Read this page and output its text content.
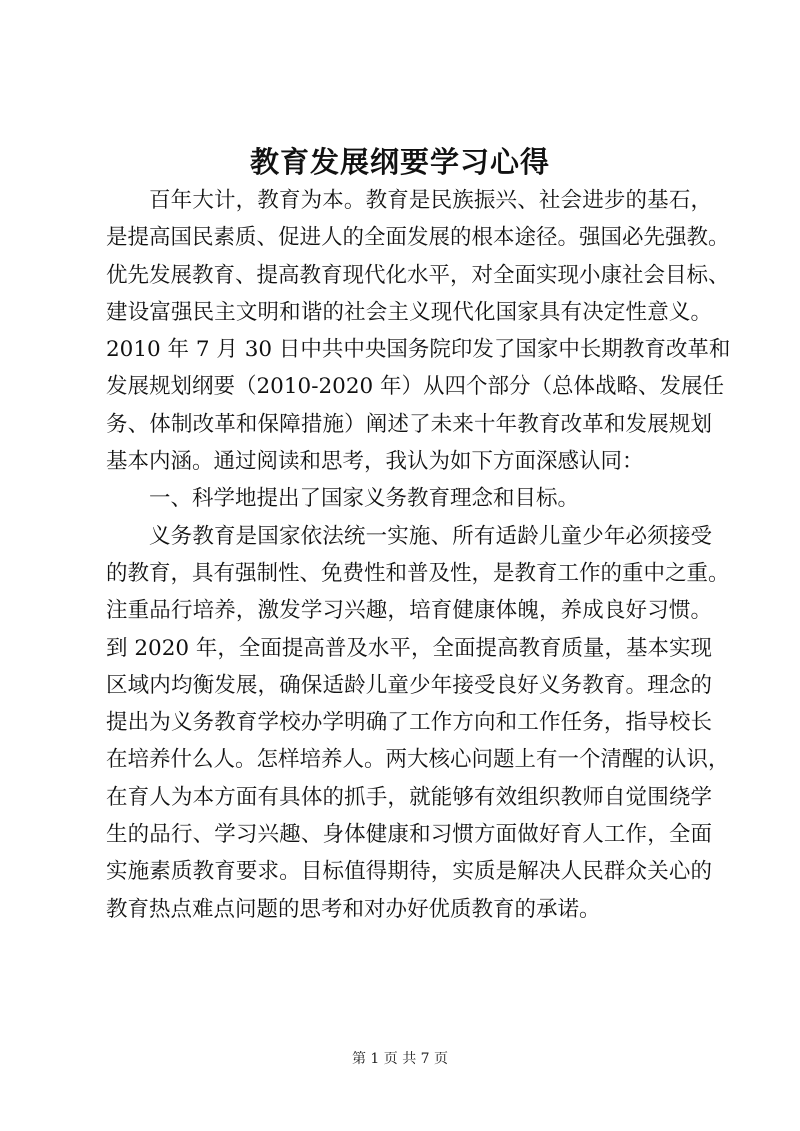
教育发展纲要学习心得

百年大计，教育为本。教育是民族振兴、社会进步的基石，
是提高国民素质、促进人的全面发展的根本途径。强国必先强教。
优先发展教育、提高教育现代化水平，对全面实现小康社会目标、
建设富强民主文明和谐的社会主义现代化国家具有决定性意义。
2010 年 7 月 30 日中共中央国务院印发了国家中长期教育改革和
发展规划纲要（2010-2020 年）从四个部分（总体战略、发展任
务、体制改革和保障措施）阐述了未来十年教育改革和发展规划
基本内涵。通过阅读和思考，我认为如下方面深感认同：

一、科学地提出了国家义务教育理念和目标。

义务教育是国家依法统一实施、所有适龄儿童少年必须接受
的教育，具有强制性、免费性和普及性，是教育工作的重中之重。
注重品行培养，激发学习兴趣，培育健康体魄，养成良好习惯。
到 2020 年，全面提高普及水平，全面提高教育质量，基本实现
区域内均衡发展，确保适龄儿童少年接受良好义务教育。理念的
提出为义务教育学校办学明确了工作方向和工作任务，指导校长
在培养什么人。怎样培养人。两大核心问题上有一个清醒的认识，
在育人为本方面有具体的抓手，就能够有效组织教师自觉围绕学
生的品行、学习兴趣、身体健康和习惯方面做好育人工作，全面
实施素质教育要求。目标值得期待，实质是解决人民群众关心的
教育热点难点问题的思考和对办好优质教育的承诺。

第 1 页 共 7 页
